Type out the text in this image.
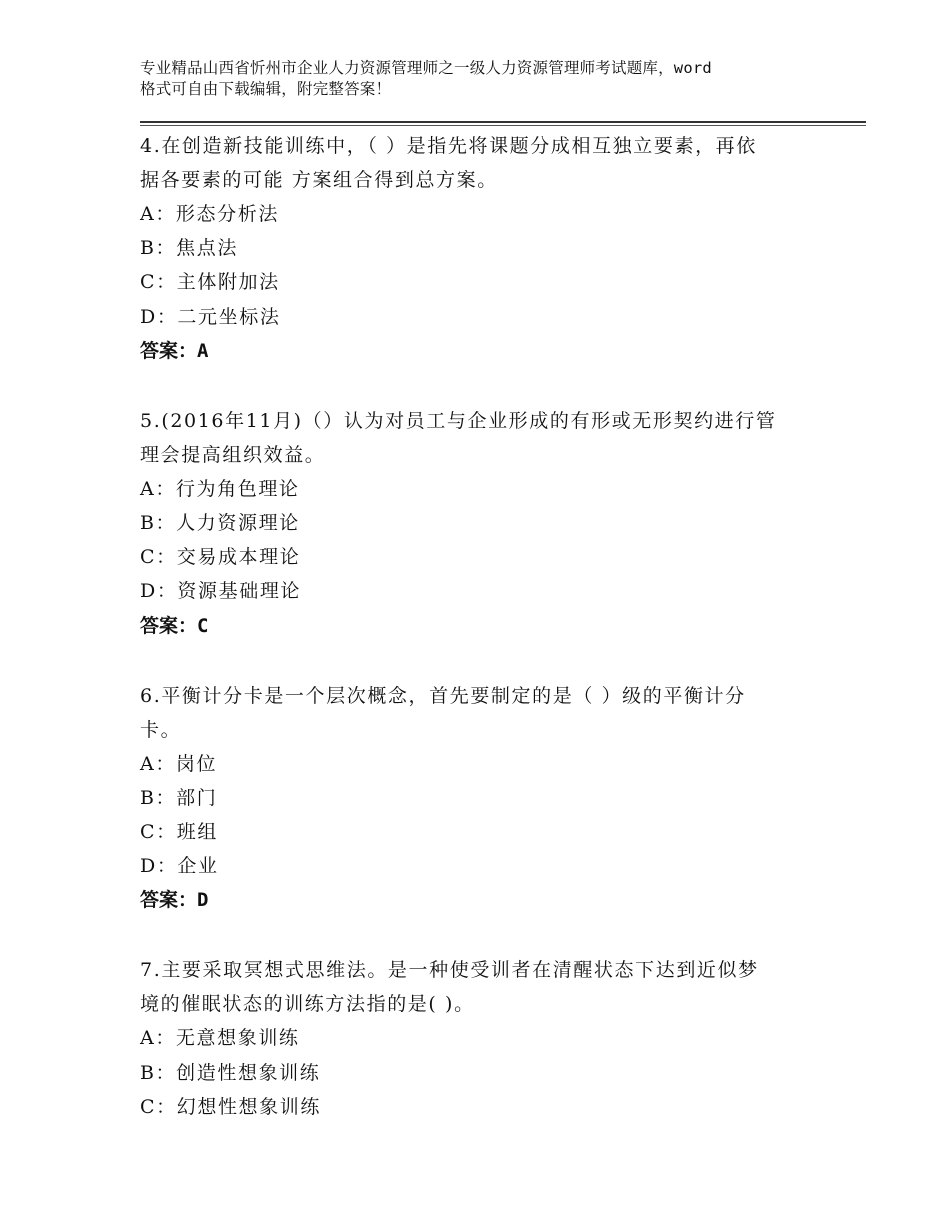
专业精品山西省忻州市企业人力资源管理师之一级人力资源管理师考试题库，word
格式可自由下载编辑，附完整答案！
4.在创造新技能训练中，（ ）是指先将课题分成相互独立要素，再依
据各要素的可能 方案组合得到总方案。
A：形态分析法
B：焦点法
C：主体附加法
D：二元坐标法
答案：A
5.(2016年11月)（）认为对员工与企业形成的有形或无形契约进行管
理会提高组织效益。
A：行为角色理论
B：人力资源理论
C：交易成本理论
D：资源基础理论
答案：C
6.平衡计分卡是一个层次概念，首先要制定的是（ ）级的平衡计分
卡。
A：岗位
B：部门
C：班组
D：企业
答案：D
7.主要采取冥想式思维法。是一种使受训者在清醒状态下达到近似梦
境的催眠状态的训练方法指的是( )。
A：无意想象训练
B：创造性想象训练
C：幻想性想象训练
